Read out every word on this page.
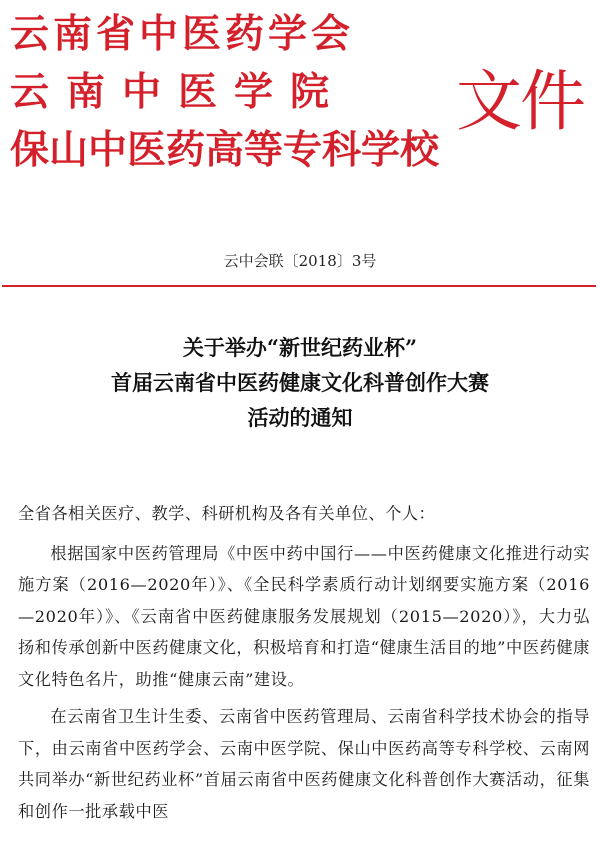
云南省中医药学会
云南中医学院
保山中医药高等专科学校
文件
云中会联〔2018〕3号
关于举办“新世纪药业杯”
首届云南省中医药健康文化科普创作大赛
活动的通知

全省各相关医疗、教学、科研机构及各有关单位、个人：

根据国家中医药管理局《中医中药中国行——中医药健康文化推进行动实施方案（2016—2020年）》、《全民科学素质行动计划纲要实施方案（2016—2020年）》、《云南省中医药健康服务发展规划（2015—2020）》，大力弘扬和传承创新中医药健康文化，积极培育和打造“健康生活目的地”中医药健康文化特色名片，助推“健康云南”建设。

在云南省卫生计生委、云南省中医药管理局、云南省科学技术协会的指导下，由云南省中医药学会、云南中医学院、保山中医药高等专科学校、云南网共同举办“新世纪药业杯”首届云南省中医药健康文化科普创作大赛活动，征集和创作一批承载中医
